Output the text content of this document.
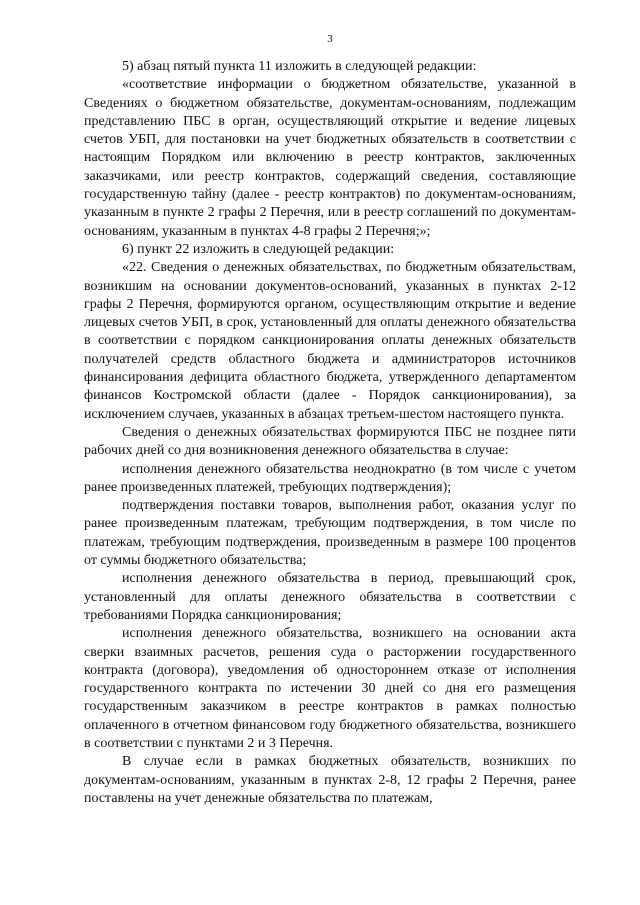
3

5) абзац пятый пункта 11 изложить в следующей редакции:

«соответствие информации о бюджетном обязательстве, указанной в Сведениях о бюджетном обязательстве, документам-основаниям, подлежащим представлению ПБС в орган, осуществляющий открытие и ведение лицевых счетов УБП, для постановки на учет бюджетных обязательств в соответствии с настоящим Порядком или включению в реестр контрактов, заключенных заказчиками, или реестр контрактов, содержащий сведения, составляющие государственную тайну (далее - реестр контрактов) по документам-основаниям, указанным в пункте 2 графы 2 Перечня, или в реестр соглашений по документам-основаниям, указанным в пунктах 4-8 графы 2 Перечня;»;

6) пункт 22 изложить в следующей редакции:

«22. Сведения о денежных обязательствах, по бюджетным обязательствам, возникшим на основании документов-оснований, указанных в пунктах 2-12 графы 2 Перечня, формируются органом, осуществляющим открытие и ведение лицевых счетов УБП, в срок, установленный для оплаты денежного обязательства в соответствии с порядком санкционирования оплаты денежных обязательств получателей средств областного бюджета и администраторов источников финансирования дефицита областного бюджета, утвержденного департаментом финансов Костромской области (далее - Порядок санкционирования), за исключением случаев, указанных в абзацах третьем-шестом настоящего пункта.

Сведения о денежных обязательствах формируются ПБС не позднее пяти рабочих дней со дня возникновения денежного обязательства в случае:

исполнения денежного обязательства неоднократно (в том числе с учетом ранее произведенных платежей, требующих подтверждения);

подтверждения поставки товаров, выполнения работ, оказания услуг по ранее произведенным платежам, требующим подтверждения, в том числе по платежам, требующим подтверждения, произведенным в размере 100 процентов от суммы бюджетного обязательства;

исполнения денежного обязательства в период, превышающий срок, установленный для оплаты денежного обязательства в соответствии с требованиями Порядка санкционирования;

исполнения денежного обязательства, возникшего на основании акта сверки взаимных расчетов, решения суда о расторжении государственного контракта (договора), уведомления об одностороннем отказе от исполнения государственного контракта по истечении 30 дней со дня его размещения государственным заказчиком в реестре контрактов в рамках полностью оплаченного в отчетном финансовом году бюджетного обязательства, возникшего в соответствии с пунктами 2 и 3 Перечня.

В случае если в рамках бюджетных обязательств, возникших по документам-основаниям, указанным в пунктах 2-8, 12 графы 2 Перечня, ранее поставлены на учет денежные обязательства по платежам,
